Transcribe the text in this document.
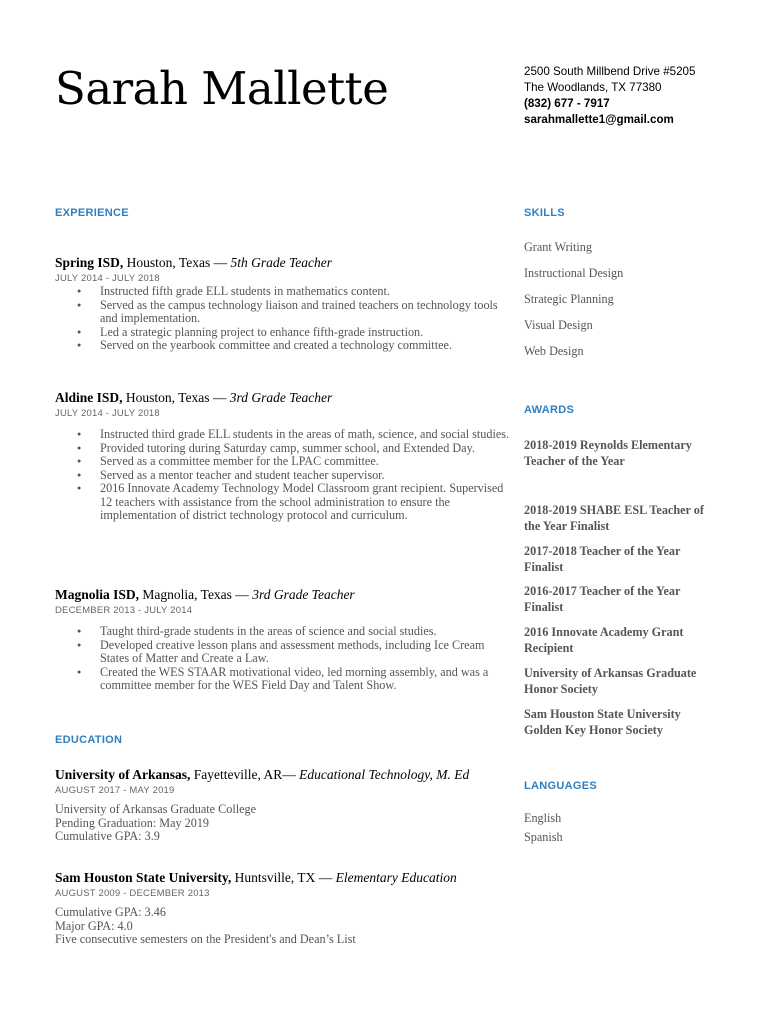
Sarah Mallette	2500 South Millbend Drive #5205
The Woodlands, TX 77380
(832) 677 - 7917
sarahmallette1@gmail.com
EXPERIENCE
EDUCATION
SKILLS
AWARDS
LANGUAGES
Spring ISD, Houston, Texas — 5th Grade Teacher
JULY 2014 - JULY 2018
● Instructed fifth grade ELL students in mathematics content.
● Served as the campus technology liaison and trained teachers on technology tools and implementation.
● Led a strategic planning project to enhance fifth-grade instruction.
● Served on the yearbook committee and created a technology committee.
Aldine ISD, Houston, Texas — 3rd Grade Teacher
JULY 2014 - JULY 2018
● Instructed third grade ELL students in the areas of math, science, and social studies.
● Provided tutoring during Saturday camp, summer school, and Extended Day.
● Served as a committee member for the LPAC committee.
● Served as a mentor teacher and student teacher supervisor.
● 2016 Innovate Academy Technology Model Classroom grant recipient. Supervised 12 teachers with assistance from the school administration to ensure the implementation of district technology protocol and curriculum.
Magnolia ISD, Magnolia, Texas — 3rd Grade Teacher
DECEMBER 2013 - JULY 2014
● Taught third-grade students in the areas of science and social studies.
● Developed creative lesson plans and assessment methods, including Ice Cream States of Matter and Create a Law.
● Created the WES STAAR motivational video, led morning assembly, and was a committee member for the WES Field Day and Talent Show.
University of Arkansas, Fayetteville, AR— Educational Technology, M. Ed
AUGUST 2017 - MAY 2019
University of Arkansas Graduate College
Pending Graduation: May 2019
Cumulative GPA: 3.9
Sam Houston State University, Huntsville, TX — Elementary Education
AUGUST 2009 - DECEMBER 2013
Cumulative GPA: 3.46
Major GPA: 4.0
Five consecutive semesters on the President's and Dean’s List
Grant Writing
Instructional Design
Strategic Planning
Visual Design
Web Design
2018-2019 Reynolds Elementary Teacher of the Year
2018-2019 SHABE ESL Teacher of the Year Finalist
2017-2018 Teacher of the Year Finalist
2016-2017 Teacher of the Year Finalist
2016 Innovate Academy Grant Recipient
University of Arkansas Graduate Honor Society
Sam Houston State University Golden Key Honor Society
English
Spanish
